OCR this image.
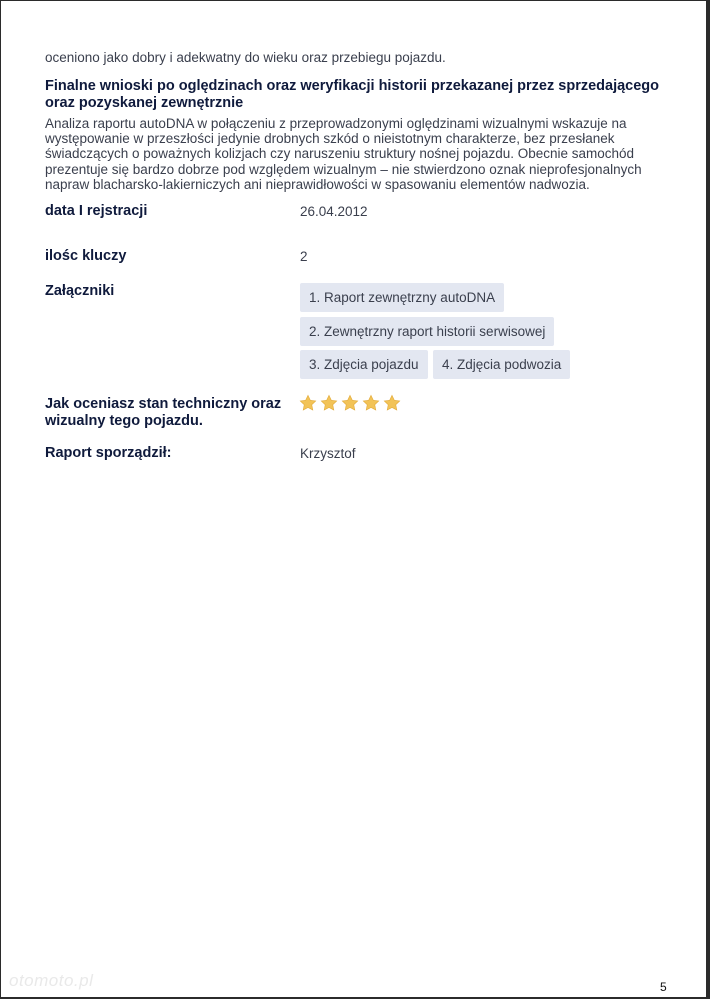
oceniono jako dobry i adekwatny do wieku oraz przebiegu pojazdu.
Finalne wnioski po oględzinach oraz weryfikacji historii przekazanej przez sprzedającego oraz pozyskanej zewnętrznie
Analiza raportu autoDNA w połączeniu z przeprowadzonymi oględzinami wizualnymi wskazuje na występowanie w przeszłości jedynie drobnych szkód o nieistotnym charakterze, bez przesłanek świadczących o poważnych kolizjach czy naruszeniu struktury nośnej pojazdu. Obecnie samochód prezentuje się bardzo dobrze pod względem wizualnym – nie stwierdzono oznak nieprofesjonalnych napraw blacharsko-lakierniczych ani nieprawidłowości w spasowaniu elementów nadwozia.
data I rejstracji	26.04.2012
ilośc kluczy	2
Załączniki	1. Raport zewnętrzny autoDNA
2. Zewnętrzny raport historii serwisowej
3. Zdjęcia pojazdu	4. Zdjęcia podwozia
Jak oceniasz stan techniczny oraz wizualny tego pojazdu.
Raport sporządził:	Krzysztof
otomoto.pl	5
